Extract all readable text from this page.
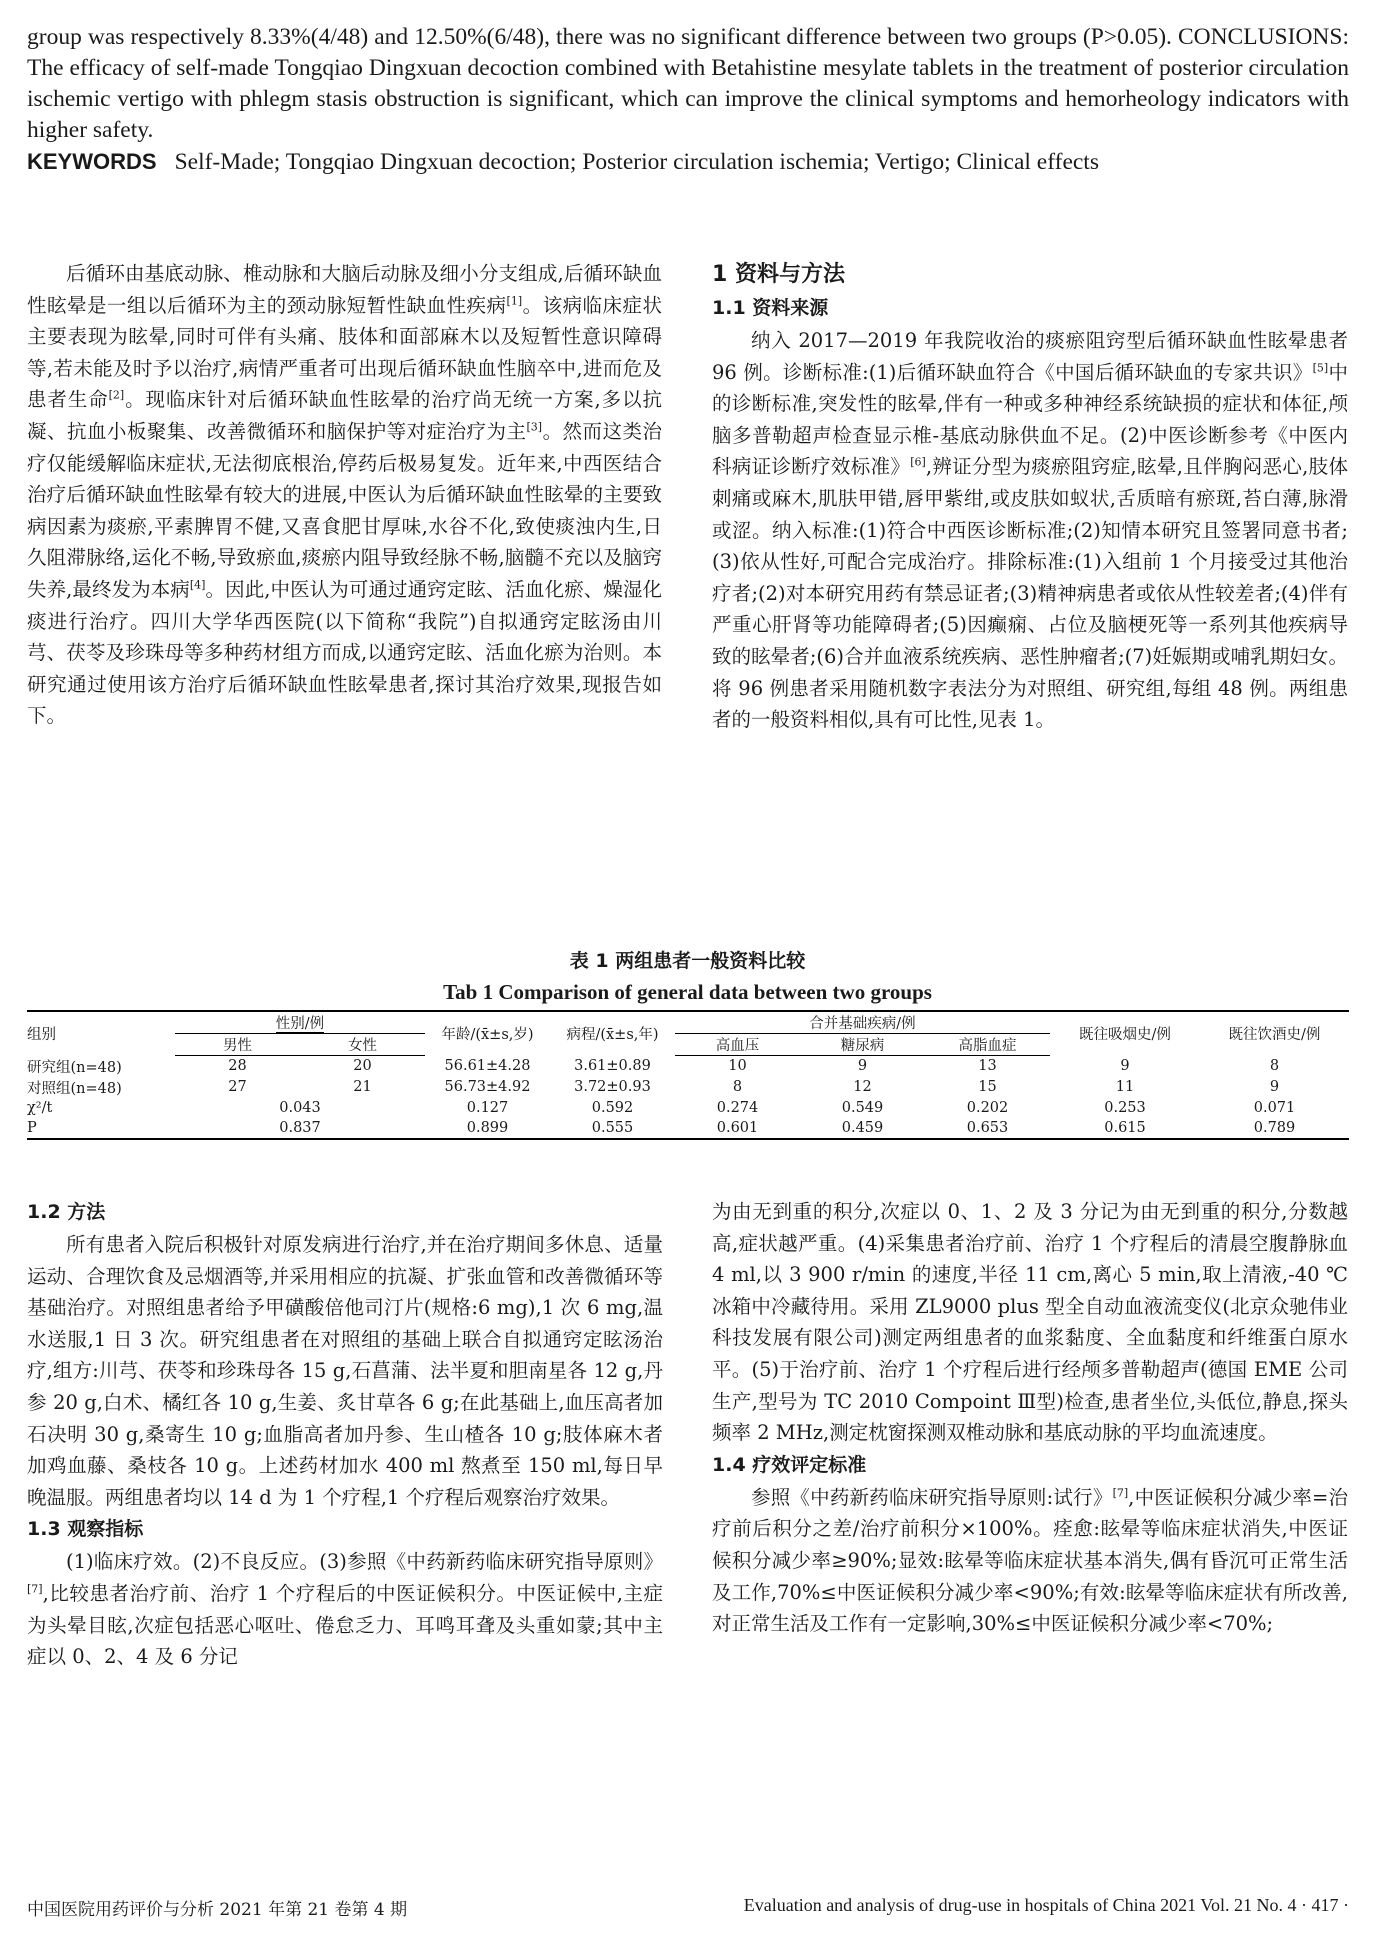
group was respectively 8.33%(4/48) and 12.50%(6/48), there was no significant difference between two groups (P>0.05). CONCLUSIONS: The efficacy of self-made Tongqiao Dingxuan decoction combined with Betahistine mesylate tablets in the treatment of posterior circulation ischemic vertigo with phlegm stasis obstruction is significant, which can improve the clinical symptoms and hemorheology indicators with higher safety.

KEYWORDS Self-Made; Tongqiao Dingxuan decoction; Posterior circulation ischemia; Vertigo; Clinical effects

后循环由基底动脉、椎动脉和大脑后动脉及细小分支组成,后循环缺血性眩晕是一组以后循环为主的颈动脉短暂性缺血性疾病[1]。该病临床症状主要表现为眩晕,同时可伴有头痛、肢体和面部麻木以及短暂性意识障碍等,若未能及时予以治疗,病情严重者可出现后循环缺血性脑卒中,进而危及患者生命[2]。现临床针对后循环缺血性眩晕的治疗尚无统一方案,多以抗凝、抗血小板聚集、改善微循环和脑保护等对症治疗为主[3]。然而这类治疗仅能缓解临床症状,无法彻底根治,停药后极易复发。近年来,中西医结合治疗后循环缺血性眩晕有较大的进展,中医认为后循环缺血性眩晕的主要致病因素为痰瘀,平素脾胃不健,又喜食肥甘厚味,水谷不化,致使痰浊内生,日久阻滞脉络,运化不畅,导致瘀血,痰瘀内阻导致经脉不畅,脑髓不充以及脑窍失养,最终发为本病[4]。因此,中医认为可通过通窍定眩、活血化瘀、燥湿化痰进行治疗。四川大学华西医院(以下简称“我院”)自拟通窍定眩汤由川芎、茯苓及珍珠母等多种药材组方而成,以通窍定眩、活血化瘀为治则。本研究通过使用该方治疗后循环缺血性眩晕患者,探讨其治疗效果,现报告如下。

1 资料与方法
1.1 资料来源

纳入 2017—2019 年我院收治的痰瘀阻窍型后循环缺血性眩晕患者 96 例。诊断标准:(1)后循环缺血符合《中国后循环缺血的专家共识》[5]中的诊断标准,突发性的眩晕,伴有一种或多种神经系统缺损的症状和体征,颅脑多普勒超声检查显示椎-基底动脉供血不足。(2)中医诊断参考《中医内科病证诊断疗效标准》[6],辨证分型为痰瘀阻窍症,眩晕,且伴胸闷恶心,肢体刺痛或麻木,肌肤甲错,唇甲紫绀,或皮肤如蚁状,舌质暗有瘀斑,苔白薄,脉滑或涩。纳入标准:(1)符合中西医诊断标准;(2)知情本研究且签署同意书者;(3)依从性好,可配合完成治疗。排除标准:(1)入组前 1 个月接受过其他治疗者;(2)对本研究用药有禁忌证者;(3)精神病患者或依从性较差者;(4)伴有严重心肝肾等功能障碍者;(5)因癫痫、占位及脑梗死等一系列其他疾病导致的眩晕者;(6)合并血液系统疾病、恶性肿瘤者;(7)妊娠期或哺乳期妇女。将 96 例患者采用随机数字表法分为对照组、研究组,每组 48 例。两组患者的一般资料相似,具有可比性,见表 1。

表 1 两组患者一般资料比较
Tab 1 Comparison of general data between two groups
组别	性别/例		年龄/(x̄±s,岁)	病程/(x̄±s,年)	合并基础疾病/例			既往吸烟史/例	既往饮酒史/例
	男性	女性			高血压	糖尿病	高脂血症		
研究组(n=48)	28	20	56.61±4.28	3.61±0.89	10	9	13	9	8
对照组(n=48)	27	21	56.73±4.92	3.72±0.93	8	12	15	11	9
χ²/t	0.043		0.127	0.592	0.274	0.549	0.202	0.253	0.071
P	0.837		0.899	0.555	0.601	0.459	0.653	0.615	0.789
1.2 方法

所有患者入院后积极针对原发病进行治疗,并在治疗期间多休息、适量运动、合理饮食及忌烟酒等,并采用相应的抗凝、扩张血管和改善微循环等基础治疗。对照组患者给予甲磺酸倍他司汀片(规格:6 mg),1 次 6 mg,温水送服,1 日 3 次。研究组患者在对照组的基础上联合自拟通窍定眩汤治疗,组方:川芎、茯苓和珍珠母各 15 g,石菖蒲、法半夏和胆南星各 12 g,丹参 20 g,白术、橘红各 10 g,生姜、炙甘草各 6 g;在此基础上,血压高者加石决明 30 g,桑寄生 10 g;血脂高者加丹参、生山楂各 10 g;肢体麻木者加鸡血藤、桑枝各 10 g。上述药材加水 400 ml 熬煮至 150 ml,每日早晚温服。两组患者均以 14 d 为 1 个疗程,1 个疗程后观察治疗效果。

1.3 观察指标

(1)临床疗效。(2)不良反应。(3)参照《中药新药临床研究指导原则》[7],比较患者治疗前、治疗 1 个疗程后的中医证候积分。中医证候中,主症为头晕目眩,次症包括恶心呕吐、倦怠乏力、耳鸣耳聋及头重如蒙;其中主症以 0、2、4 及 6 分记

为由无到重的积分,次症以 0、1、2 及 3 分记为由无到重的积分,分数越高,症状越严重。(4)采集患者治疗前、治疗 1 个疗程后的清晨空腹静脉血 4 ml,以 3 900 r/min 的速度,半径 11 cm,离心 5 min,取上清液,-40 ℃冰箱中冷藏待用。采用 ZL9000 plus 型全自动血液流变仪(北京众驰伟业科技发展有限公司)测定两组患者的血浆黏度、全血黏度和纤维蛋白原水平。(5)于治疗前、治疗 1 个疗程后进行经颅多普勒超声(德国 EME 公司生产,型号为 TC 2010 Compoint Ⅲ型)检查,患者坐位,头低位,静息,探头频率 2 MHz,测定枕窗探测双椎动脉和基底动脉的平均血流速度。

1.4 疗效评定标准

参照《中药新药临床研究指导原则:试行》[7],中医证候积分减少率=治疗前后积分之差/治疗前积分×100%。痊愈:眩晕等临床症状消失,中医证候积分减少率≥90%;显效:眩晕等临床症状基本消失,偶有昏沉可正常生活及工作,70%≤中医证候积分减少率<90%;有效:眩晕等临床症状有所改善,对正常生活及工作有一定影响,30%≤中医证候积分减少率<70%;

中国医院用药评价与分析 2021 年第 21 卷第 4 期	Evaluation and analysis of drug-use in hospitals of China 2021 Vol. 21 No. 4 · 417 ·
